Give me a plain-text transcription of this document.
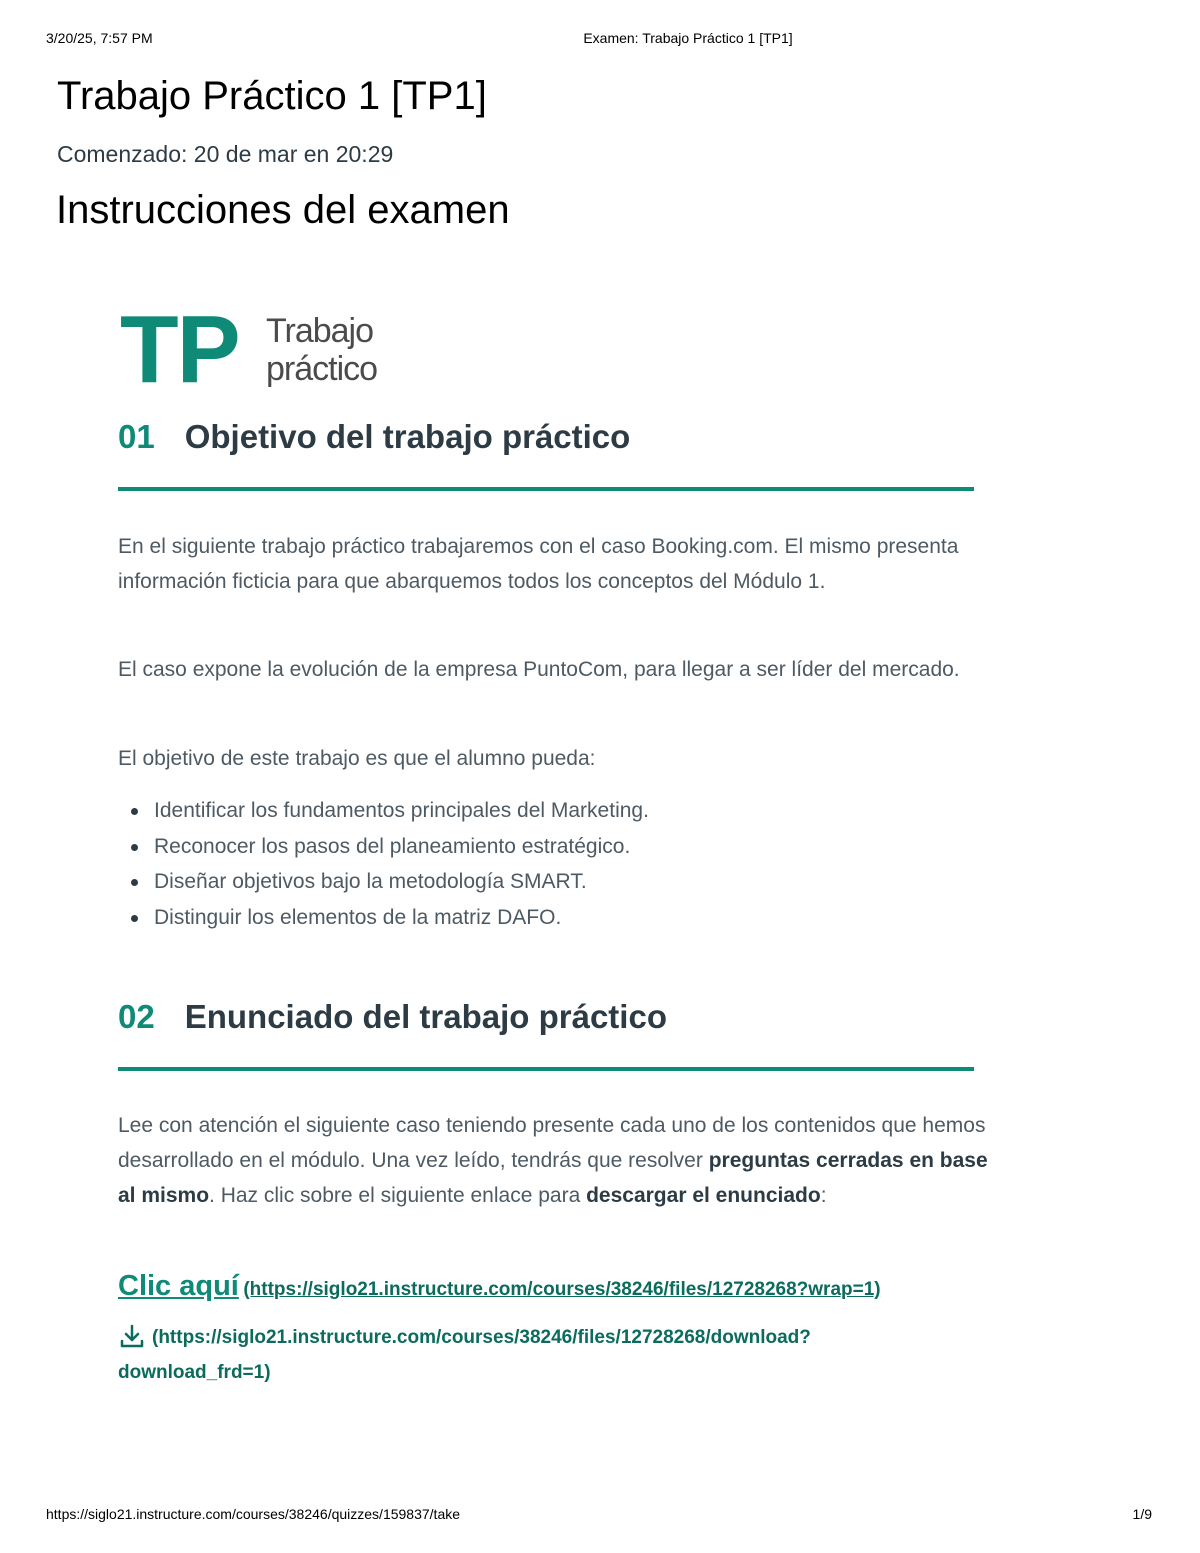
3/20/25, 7:57 PM	Examen: Trabajo Práctico 1 [TP1]
Trabajo Práctico 1 [TP1]
Comenzado: 20 de mar en 20:29
Instrucciones del examen
TP Trabajo
práctico
01 Objetivo del trabajo práctico
En el siguiente trabajo práctico trabajaremos con el caso Booking.com. El mismo presenta información ficticia para que abarquemos todos los conceptos del Módulo 1.
El caso expone la evolución de la empresa PuntoCom, para llegar a ser líder del mercado.
El objetivo de este trabajo es que el alumno pueda:
Identificar los fundamentos principales del Marketing.
Reconocer los pasos del planeamiento estratégico.
Diseñar objetivos bajo la metodología SMART.
Distinguir los elementos de la matriz DAFO.
02 Enunciado del trabajo práctico
Lee con atención el siguiente caso teniendo presente cada uno de los contenidos que hemos desarrollado en el módulo. Una vez leído, tendrás que resolver preguntas cerradas en base al mismo. Haz clic sobre el siguiente enlace para descargar el enunciado:
Clic aquí (https://siglo21.instructure.com/courses/38246/files/12728268?wrap=1)
(https://siglo21.instructure.com/courses/38246/files/12728268/download?download_frd=1)
https://siglo21.instructure.com/courses/38246/quizzes/159837/take	1/9
